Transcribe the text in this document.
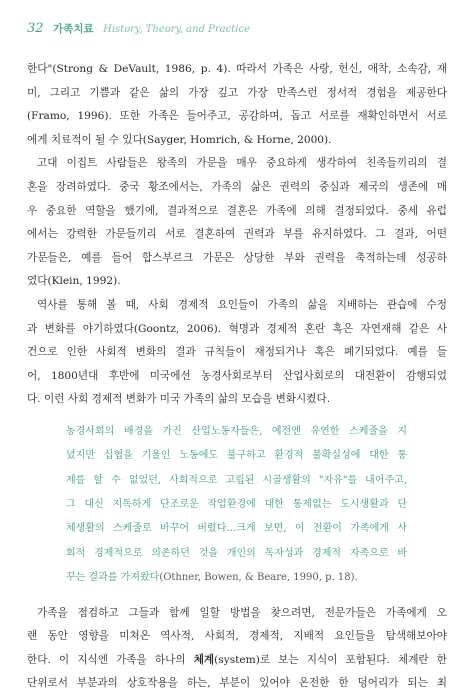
32 가족치료 History, Theory, and Practice
한다"(Strong & DeVault, 1986, p. 4). 따라서 가족은 사랑, 헌신, 애착, 소속감, 재
미, 그리고 기쁨과 같은 삶의 가장 깊고 가장 만족스런 정서적 경험을 제공한다
(Framo, 1996). 또한 가족은 들어주고, 공감하며, 돕고 서로를 재확인하면서 서로
에게 치료적이 될 수 있다(Sayger, Homrich, & Horne, 2000).
고대 이집트 사람들은 왕족의 가문을 매우 중요하게 생각하여 친족들끼리의 결
혼을 장려하였다. 중국 황조에서는, 가족의 삶은 권력의 중심과 제국의 생존에 매
우 중요한 역할을 했기에, 결과적으로 결혼은 가족에 의해 결정되었다. 중세 유럽
에서는 강력한 가문들끼리 서로 결혼하여 권력과 부를 유지하였다. 그 결과, 어떤
가문들은, 예를 들어 합스부르크 가문은 상당한 부와 권력을 축적하는데 성공하
였다(Klein, 1992).
역사를 통해 볼 때, 사회 경제적 요인들이 가족의 삶을 지배하는 관습에 수정
과 변화를 야기하였다(Goontz, 2006). 혁명과 경제적 혼란 혹은 자연재해 같은 사
건으로 인한 사회적 변화의 결과 규칙들이 재정되거나 혹은 폐기되었다. 예를 들
어, 1800년대 후반에 미국에선 농경사회로부터 산업사회로의 대전환이 감행되었
다. 이런 사회 경제적 변화가 미국 가족의 삶의 모습을 변화시켰다.
농경사회의 배경을 가진 산업노동자들은, 예전엔 유연한 스케줄을 지
녔지만 십협을 기울인 노동에도 불구하고 환경적 불확실성에 대한 통
제를 할 수 없었던, 사회적으로 고립된 시골생활의 "자유"를 내어주고,
그 대신 지독하게 단조로운 작업환경에 대한 통제없는 도시생활과 단
체생활의 스케줄로 바꾸어 버렸다…크게 보면, 이 전환이 가족에게 사
회적 경제적으로 의존하던 것을 개인의 독자성과 경제적 자족으로 바
꾸는 결과를 가져왔다(Othner, Bowen, & Beare, 1990, p. 18).
가족을 점검하고 그들과 함께 일할 방법을 찾으려면, 전문가들은 가족에게 오
랜 동안 영향을 미쳐온 역사적, 사회적, 경제적, 지배적 요인들을 탐색해보아야
한다. 이 지식엔 가족을 하나의 체계(system)로 보는 지식이 포함된다. 체계란 한
단위로서 부분과의 상호작용을 하는, 부분이 있어야 온전한 한 덩어리가 되는 최
